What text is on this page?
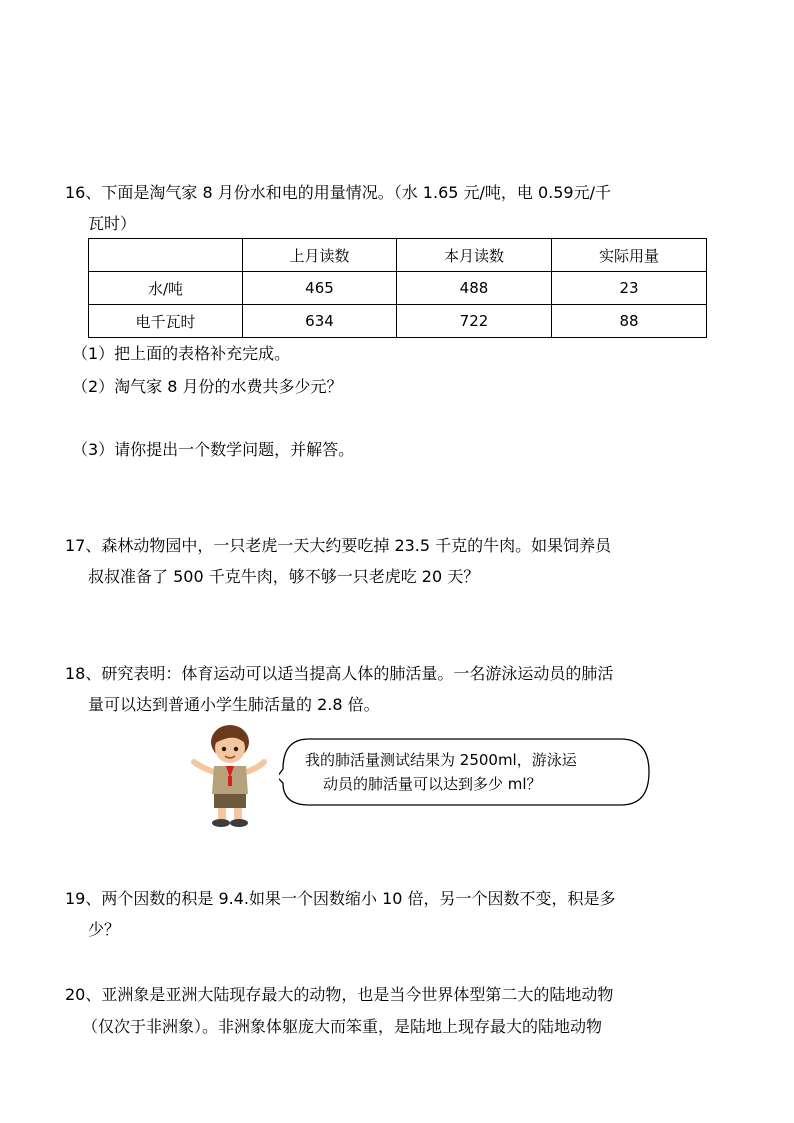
16、下面是淘气家 8 月份水和电的用量情况。（水 1.65 元/吨，电 0.59元/千
瓦时）
	上月读数	本月读数	实际用量
水/吨	465	488	23
电千瓦时	634	722	88
（1）把上面的表格补充完成。
（2）淘气家 8 月份的水费共多少元？
（3）请你提出一个数学问题，并解答。
17、森林动物园中，一只老虎一天大约要吃掉 23.5 千克的牛肉。如果饲养员
叔叔准备了 500 千克牛肉，够不够一只老虎吃 20 天？
18、研究表明：体育运动可以适当提高人体的肺活量。一名游泳运动员的肺活
量可以达到普通小学生肺活量的 2.8 倍。
我的肺活量测试结果为 2500ml，游泳运
动员的肺活量可以达到多少 ml？
19、两个因数的积是 9.4.如果一个因数缩小 10 倍，另一个因数不变，积是多
少？
20、亚洲象是亚洲大陆现存最大的动物，也是当今世界体型第二大的陆地动物
（仅次于非洲象）。非洲象体躯庞大而笨重，是陆地上现存最大的陆地动物
